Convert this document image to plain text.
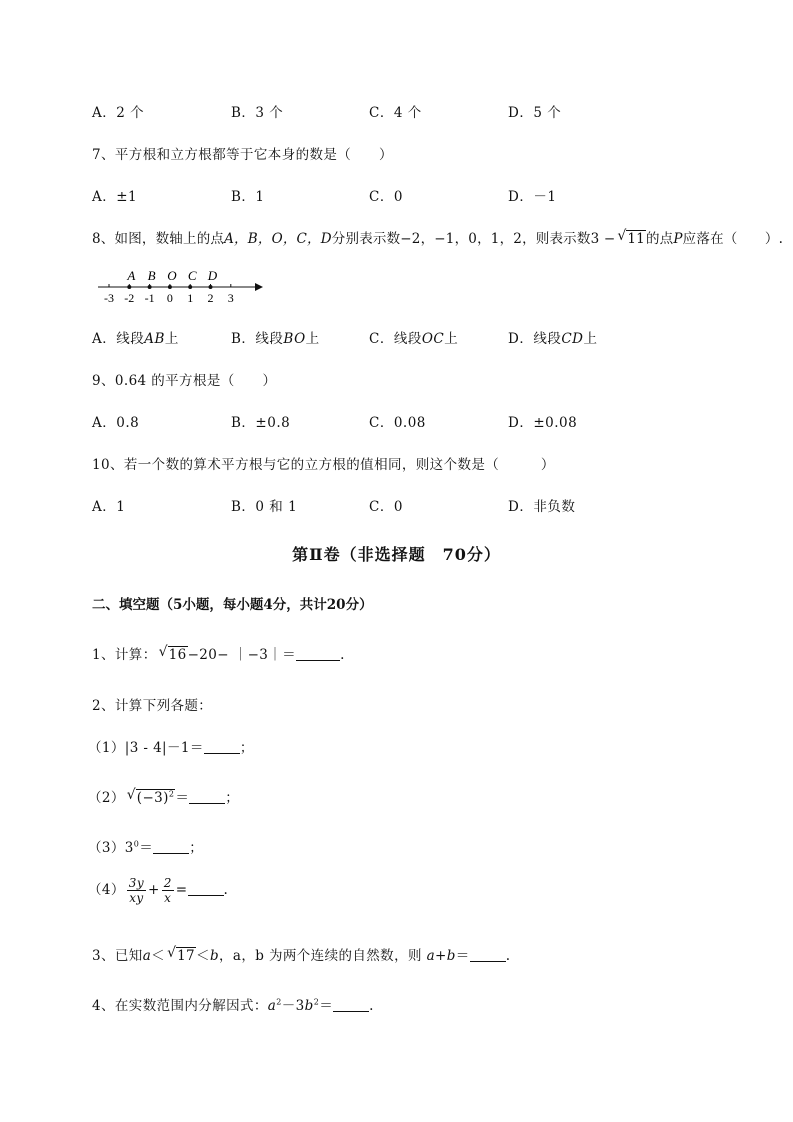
A．2 个	B．3 个	C．4 个	D．5 个
7、平方根和立方根都等于它本身的数是（　　）
A．±1	B．1	C．0	D．－1
8、如图，数轴上的点A，B，O，C，D分别表示数−2，−1，0，1，2，则表示数3 − √ 11的点P应落在（　　）.
-3 -2 -1 0 1 2 3
A B O C D
A．线段AB上	B．线段BO上	C．线段OC上	D．线段CD上
9、0.64 的平方根是（　　）
A．0.8	B．±0.8	C．0.08	D．±0.08
10、若一个数的算术平方根与它的立方根的值相同，则这个数是（　　　）
A．1	B．0 和 1	C．0	D．非负数
第Ⅱ卷（非选择题　70分）
二、填空题（5小题，每小题4分，共计20分）
1、计算： √ 16−20− ｜−3｜＝	.
2、计算下列各题：
（1）|3 - 4|－1＝	；
（2） √ $(-3)^2=$	；
$(3)3^0=$	；
$(4) \frac{3y}{xy} + \frac{2}{x}$ =	.
3、已知a＜ √ 17＜b，a，b 为两个连续的自然数，则 a+b＝	.
4、在实数范围内分解因式：$a^2-3b^2=$	.
